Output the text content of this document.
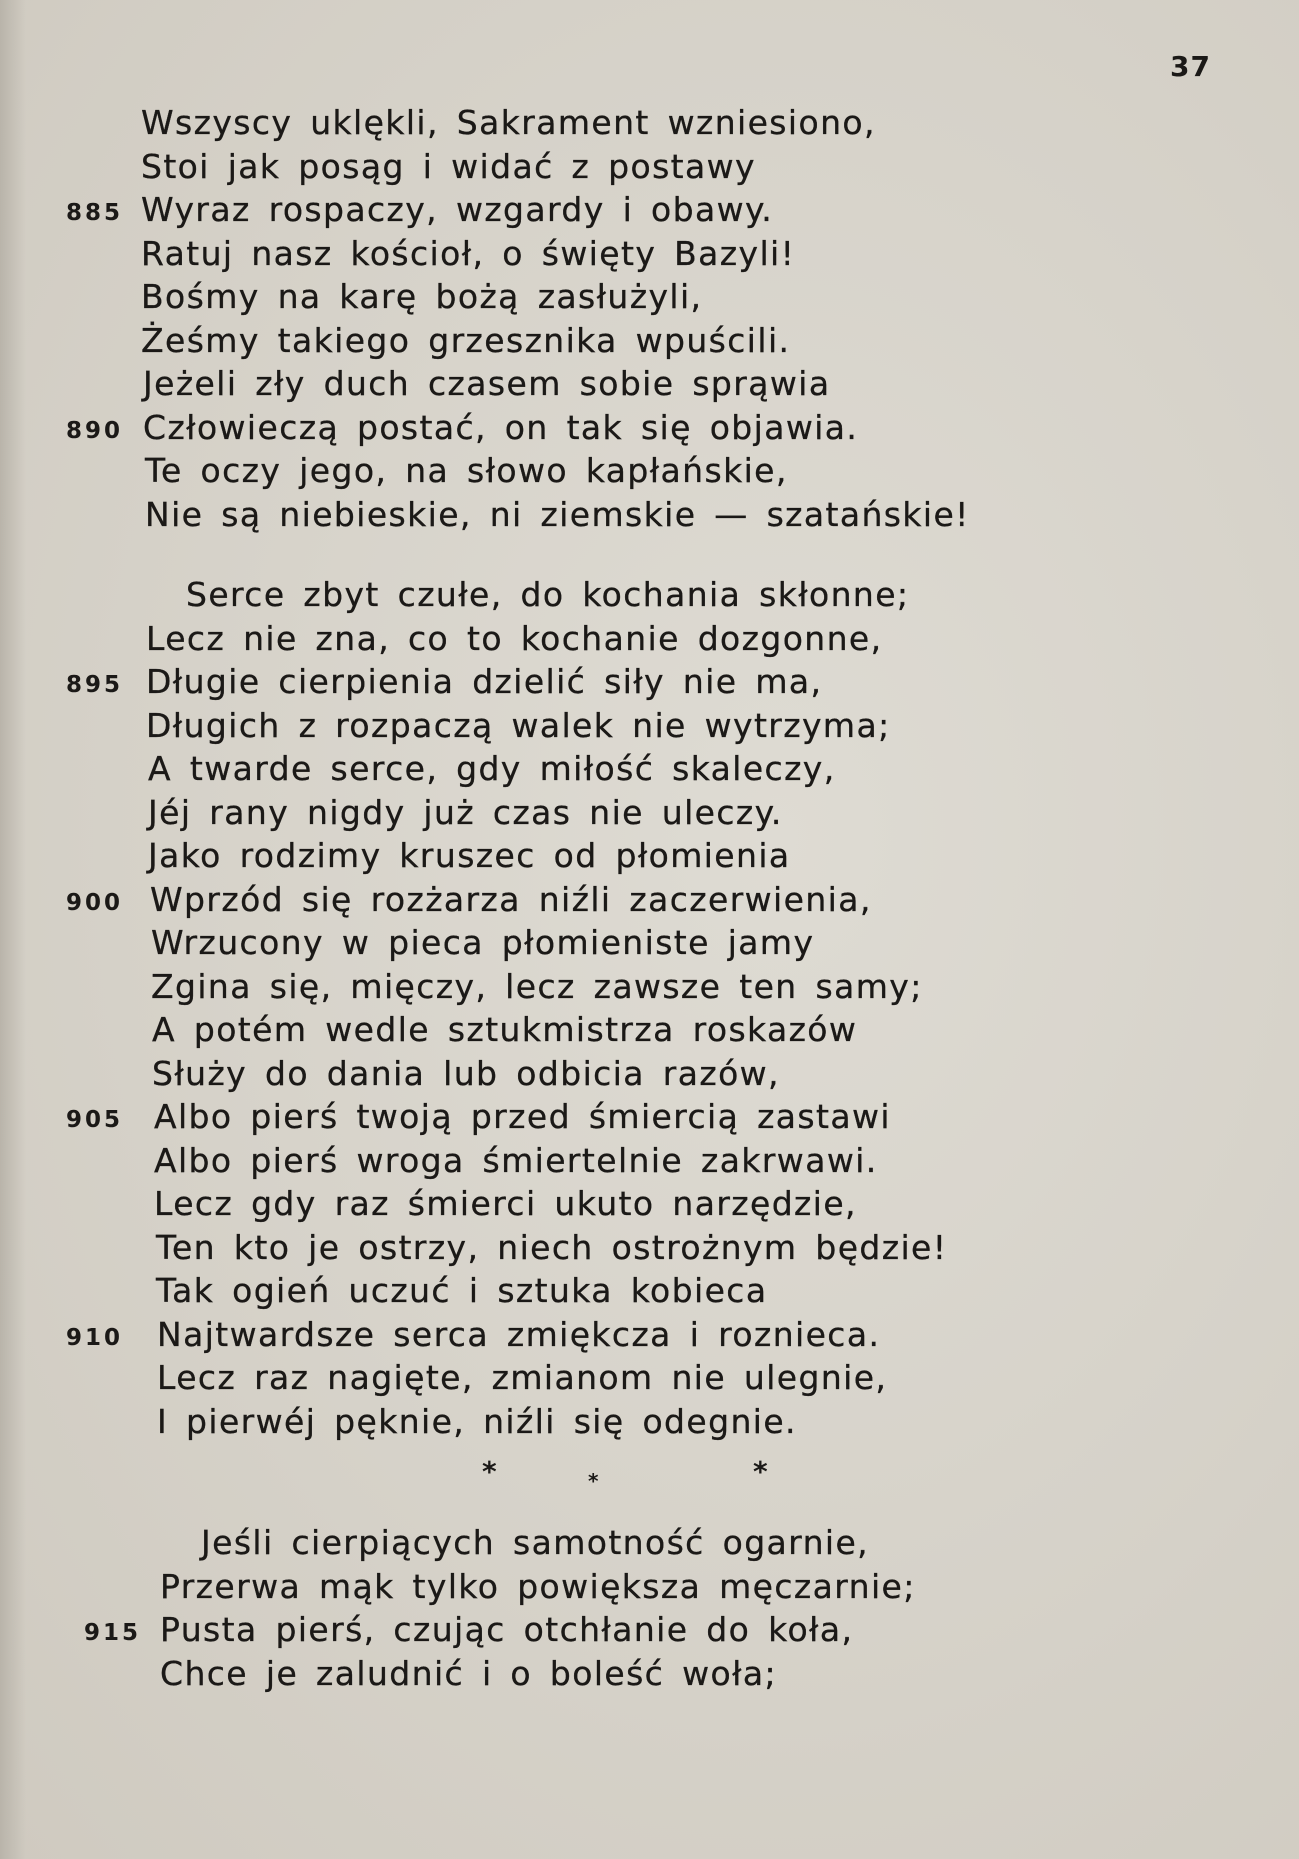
37
Wszyscy uklękli, Sakrament wzniesiono,
Stoi jak posąg i widać z postawy
885 Wyraz rospaczy, wzgardy i obawy.
Ratuj nasz kościoł, o święty Bazyli!
Bośmy na karę bożą zasłużyli,
Żeśmy takiego grzesznika wpuścili.
Jeżeli zły duch czasem sobie sprąwia
890 Człowieczą postać, on tak się objawia.
Te oczy jego, na słowo kapłańskie,
Nie są niebieskie, ni ziemskie — szatańskie!
Serce zbyt czułe, do kochania skłonne;
Lecz nie zna, co to kochanie dozgonne,
895 Długie cierpienia dzielić siły nie ma,
Długich z rozpaczą walek nie wytrzyma;
A twarde serce, gdy miłość skaleczy,
Jéj rany nigdy już czas nie uleczy.
Jako rodzimy kruszec od płomienia
900 Wprzód się rozżarza niźli zaczerwienia,
Wrzucony w pieca płomieniste jamy
Zgina się, mięczy, lecz zawsze ten samy;
A potém wedle sztukmistrza roskazów
Służy do dania lub odbicia razów,
905 Albo pierś twoją przed śmiercią zastawi
Albo pierś wroga śmiertelnie zakrwawi.
Lecz gdy raz śmierci ukuto narzędzie,
Ten kto je ostrzy, niech ostrożnym będzie!
Tak ogień uczuć i sztuka kobieca
910	Najtwardsze serca zmiękcza i roznieca.
Lecz raz nagięte, zmianom nie ulegnie,
I pierwéj pęknie, niźli się odegnie.
*	*	*
Jeśli cierpiących samotność ogarnie,
Przerwa mąk tylko powiększa męczarnie;
915 Pusta pierś, czując otchłanie do koła,
Chce je zaludnić i o boleść woła;
